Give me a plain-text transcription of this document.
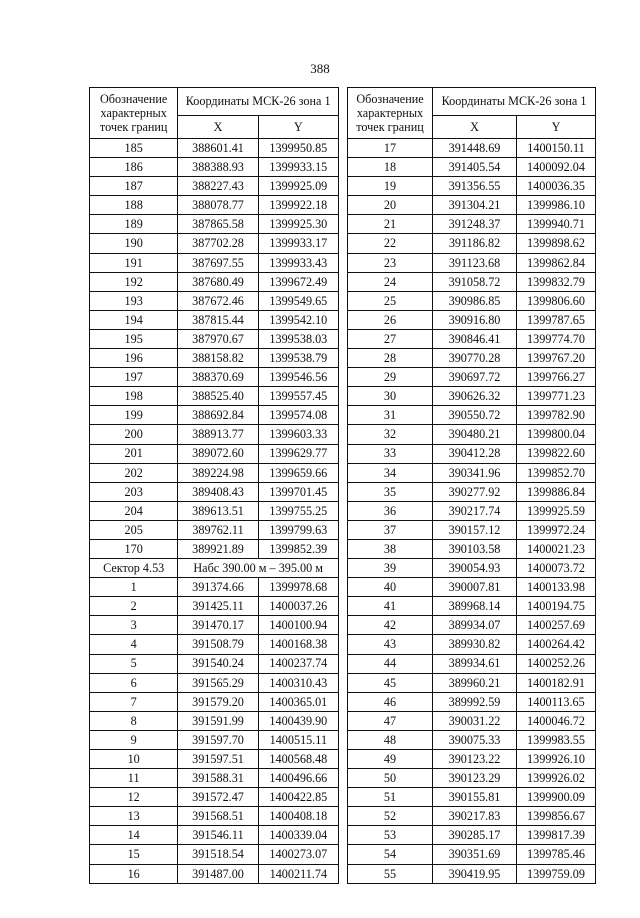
388
Обозначение характерных точек границ	Координаты МСК-26 зона 1	
	X	Y
185	388601.41	1399950.85
186	388388.93	1399933.15
187	388227.43	1399925.09
188	388078.77	1399922.18
189	387865.58	1399925.30
190	387702.28	1399933.17
191	387697.55	1399933.43
192	387680.49	1399672.49
193	387672.46	1399549.65
194	387815.44	1399542.10
195	387970.67	1399538.03
196	388158.82	1399538.79
197	388370.69	1399546.56
198	388525.40	1399557.45
199	388692.84	1399574.08
200	388913.77	1399603.33
201	389072.60	1399629.77
202	389224.98	1399659.66
203	389408.43	1399701.45
204	389613.51	1399755.25
205	389762.11	1399799.63
170	389921.89	1399852.39
Сектор 4.53	Набс 390.00 м – 395.00 м	
1	391374.66	1399978.68
2	391425.11	1400037.26
3	391470.17	1400100.94
4	391508.79	1400168.38
5	391540.24	1400237.74
6	391565.29	1400310.43
7	391579.20	1400365.01
8	391591.99	1400439.90
9	391597.70	1400515.11
10	391597.51	1400568.48
11	391588.31	1400496.66
12	391572.47	1400422.85
13	391568.51	1400408.18
14	391546.11	1400339.04
15	391518.54	1400273.07
16	391487.00	1400211.74
Обозначение характерных точек границ	Координаты МСК-26 зона 1	
	X	Y
17	391448.69	1400150.11
18	391405.54	1400092.04
19	391356.55	1400036.35
20	391304.21	1399986.10
21	391248.37	1399940.71
22	391186.82	1399898.62
23	391123.68	1399862.84
24	391058.72	1399832.79
25	390986.85	1399806.60
26	390916.80	1399787.65
27	390846.41	1399774.70
28	390770.28	1399767.20
29	390697.72	1399766.27
30	390626.32	1399771.23
31	390550.72	1399782.90
32	390480.21	1399800.04
33	390412.28	1399822.60
34	390341.96	1399852.70
35	390277.92	1399886.84
36	390217.74	1399925.59
37	390157.12	1399972.24
38	390103.58	1400021.23
39	390054.93	1400073.72
40	390007.81	1400133.98
41	389968.14	1400194.75
42	389934.07	1400257.69
43	389930.82	1400264.42
44	389934.61	1400252.26
45	389960.21	1400182.91
46	389992.59	1400113.65
47	390031.22	1400046.72
48	390075.33	1399983.55
49	390123.22	1399926.10
50	390123.29	1399926.02
51	390155.81	1399900.09
52	390217.83	1399856.67
53	390285.17	1399817.39
54	390351.69	1399785.46
55	390419.95	1399759.09
